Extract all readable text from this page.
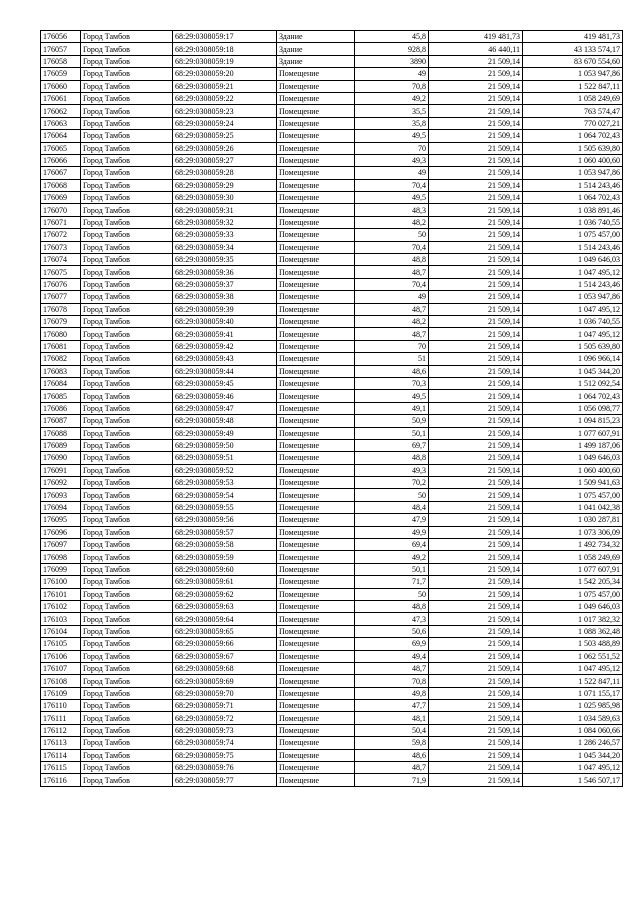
176056	Город Тамбов	68:29:0308059:17	Здание	45,8	419 481,73	419 481,73
176057	Город Тамбов	68:29:0308059:18	Здание	928,8	46 440,11	43 133 574,17
176058	Город Тамбов	68:29:0308059:19	Здание	3890	21 509,14	83 670 554,60
176059	Город Тамбов	68:29:0308059:20	Помещение	49	21 509,14	1 053 947,86
176060	Город Тамбов	68:29:0308059:21	Помещение	70,8	21 509,14	1 522 847,11
176061	Город Тамбов	68:29:0308059:22	Помещение	49,2	21 509,14	1 058 249,69
176062	Город Тамбов	68:29:0308059:23	Помещение	35,5	21 509,14	763 574,47
176063	Город Тамбов	68:29:0308059:24	Помещение	35,8	21 509,14	770 027,21
176064	Город Тамбов	68:29:0308059:25	Помещение	49,5	21 509,14	1 064 702,43
176065	Город Тамбов	68:29:0308059:26	Помещение	70	21 509,14	1 505 639,80
176066	Город Тамбов	68:29:0308059:27	Помещение	49,3	21 509,14	1 060 400,60
176067	Город Тамбов	68:29:0308059:28	Помещение	49	21 509,14	1 053 947,86
176068	Город Тамбов	68:29:0308059:29	Помещение	70,4	21 509,14	1 514 243,46
176069	Город Тамбов	68:29:0308059:30	Помещение	49,5	21 509,14	1 064 702,43
176070	Город Тамбов	68:29:0308059:31	Помещение	48,3	21 509,14	1 038 891,46
176071	Город Тамбов	68:29:0308059:32	Помещение	48,2	21 509,14	1 036 740,55
176072	Город Тамбов	68:29:0308059:33	Помещение	50	21 509,14	1 075 457,00
176073	Город Тамбов	68:29:0308059:34	Помещение	70,4	21 509,14	1 514 243,46
176074	Город Тамбов	68:29:0308059:35	Помещение	48,8	21 509,14	1 049 646,03
176075	Город Тамбов	68:29:0308059:36	Помещение	48,7	21 509,14	1 047 495,12
176076	Город Тамбов	68:29:0308059:37	Помещение	70,4	21 509,14	1 514 243,46
176077	Город Тамбов	68:29:0308059:38	Помещение	49	21 509,14	1 053 947,86
176078	Город Тамбов	68:29:0308059:39	Помещение	48,7	21 509,14	1 047 495,12
176079	Город Тамбов	68:29:0308059:40	Помещение	48,2	21 509,14	1 036 740,55
176080	Город Тамбов	68:29:0308059:41	Помещение	48,7	21 509,14	1 047 495,12
176081	Город Тамбов	68:29:0308059:42	Помещение	70	21 509,14	1 505 639,80
176082	Город Тамбов	68:29:0308059:43	Помещение	51	21 509,14	1 096 966,14
176083	Город Тамбов	68:29:0308059:44	Помещение	48,6	21 509,14	1 045 344,20
176084	Город Тамбов	68:29:0308059:45	Помещение	70,3	21 509,14	1 512 092,54
176085	Город Тамбов	68:29:0308059:46	Помещение	49,5	21 509,14	1 064 702,43
176086	Город Тамбов	68:29:0308059:47	Помещение	49,1	21 509,14	1 056 098,77
176087	Город Тамбов	68:29:0308059:48	Помещение	50,9	21 509,14	1 094 815,23
176088	Город Тамбов	68:29:0308059:49	Помещение	50,1	21 509,14	1 077 607,91
176089	Город Тамбов	68:29:0308059:50	Помещение	69,7	21 509,14	1 499 187,06
176090	Город Тамбов	68:29:0308059:51	Помещение	48,8	21 509,14	1 049 646,03
176091	Город Тамбов	68:29:0308059:52	Помещение	49,3	21 509,14	1 060 400,60
176092	Город Тамбов	68:29:0308059:53	Помещение	70,2	21 509,14	1 509 941,63
176093	Город Тамбов	68:29:0308059:54	Помещение	50	21 509,14	1 075 457,00
176094	Город Тамбов	68:29:0308059:55	Помещение	48,4	21 509,14	1 041 042,38
176095	Город Тамбов	68:29:0308059:56	Помещение	47,9	21 509,14	1 030 287,81
176096	Город Тамбов	68:29:0308059:57	Помещение	49,9	21 509,14	1 073 306,09
176097	Город Тамбов	68:29:0308059:58	Помещение	69,4	21 509,14	1 492 734,32
176098	Город Тамбов	68:29:0308059:59	Помещение	49,2	21 509,14	1 058 249,69
176099	Город Тамбов	68:29:0308059:60	Помещение	50,1	21 509,14	1 077 607,91
176100	Город Тамбов	68:29:0308059:61	Помещение	71,7	21 509,14	1 542 205,34
176101	Город Тамбов	68:29:0308059:62	Помещение	50	21 509,14	1 075 457,00
176102	Город Тамбов	68:29:0308059:63	Помещение	48,8	21 509,14	1 049 646,03
176103	Город Тамбов	68:29:0308059:64	Помещение	47,3	21 509,14	1 017 382,32
176104	Город Тамбов	68:29:0308059:65	Помещение	50,6	21 509,14	1 088 362,48
176105	Город Тамбов	68:29:0308059:66	Помещение	69,9	21 509,14	1 503 488,89
176106	Город Тамбов	68:29:0308059:67	Помещение	49,4	21 509,14	1 062 551,52
176107	Город Тамбов	68:29:0308059:68	Помещение	48,7	21 509,14	1 047 495,12
176108	Город Тамбов	68:29:0308059:69	Помещение	70,8	21 509,14	1 522 847,11
176109	Город Тамбов	68:29:0308059:70	Помещение	49,8	21 509,14	1 071 155,17
176110	Город Тамбов	68:29:0308059:71	Помещение	47,7	21 509,14	1 025 985,98
176111	Город Тамбов	68:29:0308059:72	Помещение	48,1	21 509,14	1 034 589,63
176112	Город Тамбов	68:29:0308059:73	Помещение	50,4	21 509,14	1 084 060,66
176113	Город Тамбов	68:29:0308059:74	Помещение	59,8	21 509,14	1 286 246,57
176114	Город Тамбов	68:29:0308059:75	Помещение	48,6	21 509,14	1 045 344,20
176115	Город Тамбов	68:29:0308059:76	Помещение	48,7	21 509,14	1 047 495,12
176116	Город Тамбов	68:29:0308059:77	Помещение	71,9	21 509,14	1 546 507,17
